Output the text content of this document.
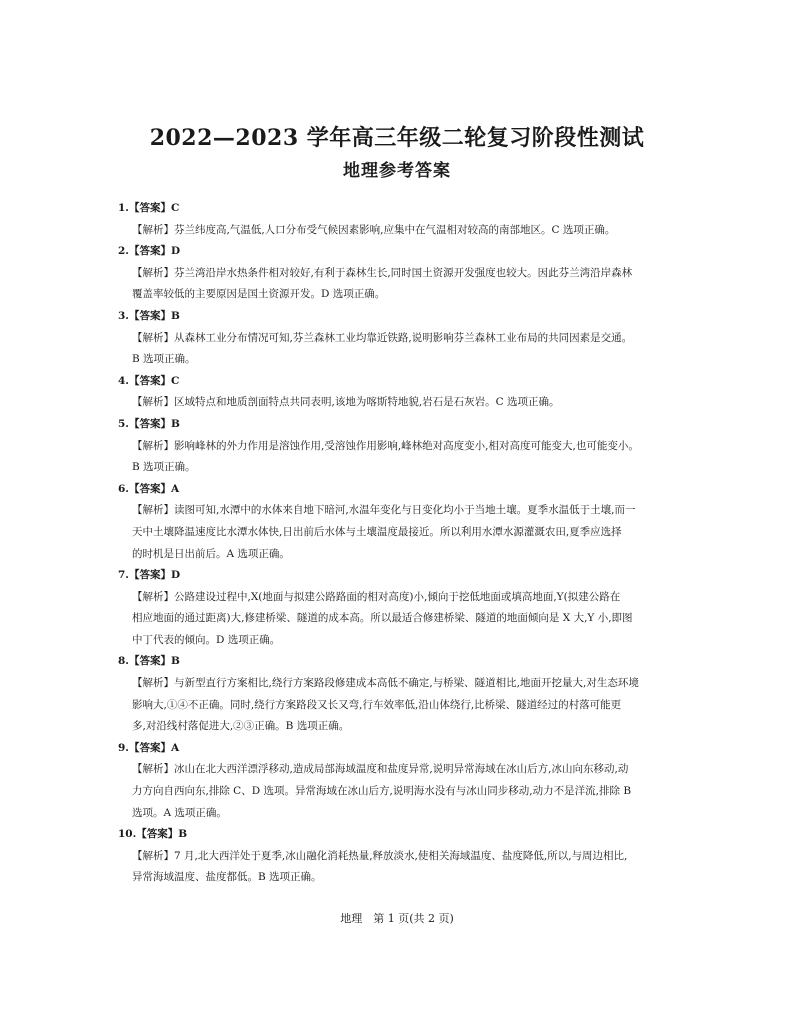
2022—2023 学年高三年级二轮复习阶段性测试
地理参考答案
1.【答案】C
【解析】芬兰纬度高,气温低,人口分布受气候因素影响,应集中在气温相对较高的南部地区。C 选项正确。
2.【答案】D
【解析】芬兰湾沿岸水热条件相对较好,有利于森林生长,同时国土资源开发强度也较大。因此芬兰湾沿岸森林
覆盖率较低的主要原因是国土资源开发。D 选项正确。
3.【答案】B
【解析】从森林工业分布情况可知,芬兰森林工业均靠近铁路,说明影响芬兰森林工业布局的共同因素是交通。
B 选项正确。
4.【答案】C
【解析】区域特点和地质剖面特点共同表明,该地为喀斯特地貌,岩石是石灰岩。C 选项正确。
5.【答案】B
【解析】影响峰林的外力作用是溶蚀作用,受溶蚀作用影响,峰林绝对高度变小,相对高度可能变大,也可能变小。
B 选项正确。
6.【答案】A
【解析】读图可知,水潭中的水体来自地下暗河,水温年变化与日变化均小于当地土壤。夏季水温低于土壤,而一
天中土壤降温速度比水潭水体快,日出前后水体与土壤温度最接近。所以利用水潭水源灌溉农田,夏季应选择
的时机是日出前后。A 选项正确。
7.【答案】D
【解析】公路建设过程中,X(地面与拟建公路路面的相对高度)小,倾向于挖低地面或填高地面,Y(拟建公路在
相应地面的通过距离)大,修建桥梁、隧道的成本高。所以最适合修建桥梁、隧道的地面倾向是 X 大,Y 小,即图
中丁代表的倾向。D 选项正确。
8.【答案】B
【解析】与新型直行方案相比,绕行方案路段修建成本高低不确定,与桥梁、隧道相比,地面开挖量大,对生态环境
影响大,①④不正确。同时,绕行方案路段又长又弯,行车效率低,沿山体绕行,比桥梁、隧道经过的村落可能更
多,对沿线村落促进大,②③正确。B 选项正确。
9.【答案】A
【解析】冰山在北大西洋漂浮移动,造成局部海域温度和盐度异常,说明异常海域在冰山后方,冰山向东移动,动
力方向自西向东,排除 C、D 选项。异常海域在冰山后方,说明海水没有与冰山同步移动,动力不是洋流,排除 B
选项。A 选项正确。
10.【答案】B
【解析】7 月,北大西洋处于夏季,冰山融化消耗热量,释放淡水,使相关海域温度、盐度降低,所以,与周边相比,
异常海域温度、盐度都低。B 选项正确。
地理　第 1 页(共 2 页)
